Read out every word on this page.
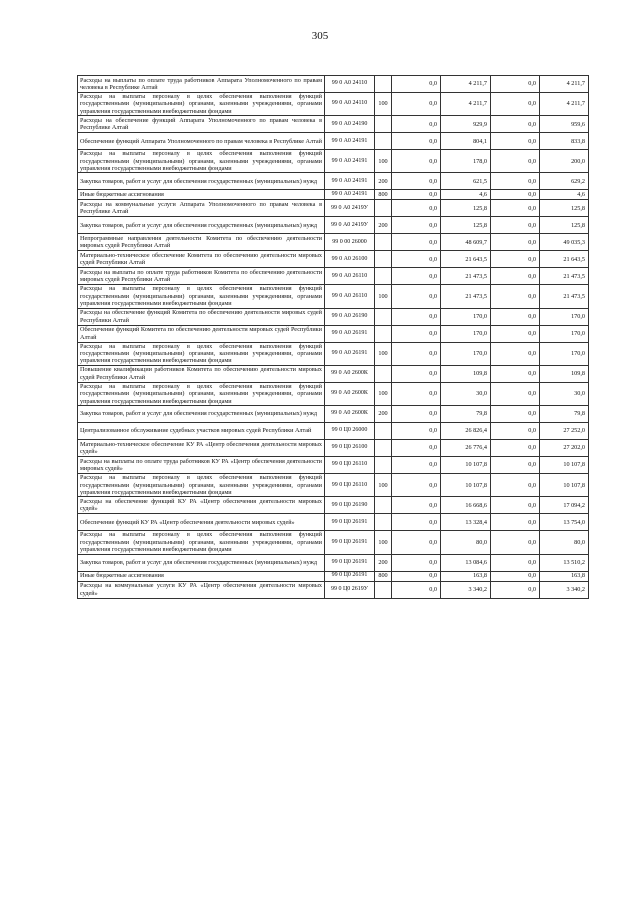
305
Расходы на выплаты по оплате труда работников Аппарата Уполномоченного по правам человека в Республике Алтай	99 0 А0 24110		0,0	4 211,7	0,0	4 211,7
Расходы на выплаты персоналу в целях обеспечения выполнения функций государственными (муниципальными) органами, казенными учреждениями, органами управления государственными внебюджетными фондами	99 0 А0 24110	100	0,0	4 211,7	0,0	4 211,7
Расходы на обеспечение функций Аппарата Уполномоченного по правам человека в Республике Алтай	99 0 А0 24190		0,0	929,9	0,0	959,6
Обеспечение функций Аппарата Уполномоченного по правам человека в Республике Алтай	99 0 А0 24191		0,0	804,1	0,0	833,8
Расходы на выплаты персоналу в целях обеспечения выполнения функций государственными (муниципальными) органами, казенными учреждениями, органами управления государственными внебюджетными фондами	99 0 А0 24191	100	0,0	178,0	0,0	200,0
Закупка товаров, работ и услуг для обеспечения государственных (муниципальных) нужд	99 0 А0 24191	200	0,0	621,5	0,0	629,2
Иные бюджетные ассигнования	99 0 А0 24191	800	0,0	4,6	0,0	4,6
Расходы на коммунальные услуги Аппарата Уполномоченного по правам человека в Республике Алтай	99 0 А0 2419У		0,0	125,8	0,0	125,8
Закупка товаров, работ и услуг для обеспечения государственных (муниципальных) нужд	99 0 А0 2419У	200	0,0	125,8	0,0	125,8
Непрограммные направления деятельности Комитета по обеспечению деятельности мировых судей Республики Алтай	99 0 00 26000		0,0	48 609,7	0,0	49 035,3
Материально-техническое обеспечение Комитета по обеспечению деятельности мировых судей Республики Алтай	99 0 А0 26100		0,0	21 643,5	0,0	21 643,5
Расходы на выплаты по оплате труда работников Комитета по обеспечению деятельности мировых судей Республики Алтай	99 0 А0 26110		0,0	21 473,5	0,0	21 473,5
Расходы на выплаты персоналу в целях обеспечения выполнения функций государственными (муниципальными) органами, казенными учреждениями, органами управления государственными внебюджетными фондами	99 0 А0 26110	100	0,0	21 473,5	0,0	21 473,5
Расходы на обеспечение функций Комитета по обеспечению деятельности мировых судей Республики Алтай	99 0 А0 26190		0,0	170,0	0,0	170,0
Обеспечение функций Комитета по обеспечению деятельности мировых судей Республики Алтай	99 0 А0 26191		0,0	170,0	0,0	170,0
Расходы на выплаты персоналу в целях обеспечения выполнения функций государственными (муниципальными) органами, казенными учреждениями, органами управления государственными внебюджетными фондами	99 0 А0 26191	100	0,0	170,0	0,0	170,0
Повышение квалификации работников Комитета по обеспечению деятельности мировых судей Республики Алтай	99 0 А0 2600К		0,0	109,8	0,0	109,8
Расходы на выплаты персоналу в целях обеспечения выполнения функций государственными (муниципальными) органами, казенными учреждениями, органами управления государственными внебюджетными фондами	99 0 А0 2600К	100	0,0	30,0	0,0	30,0
Закупка товаров, работ и услуг для обеспечения государственных (муниципальных) нужд	99 0 А0 2600К	200	0,0	79,8	0,0	79,8
Централизованное обслуживание судебных участков мировых судей Республики Алтай	99 0 Ц0 26000		0,0	26 826,4	0,0	27 252,0
Материально-техническое обеспечение КУ РА «Центр обеспечения деятельности мировых судей»	99 0 Ц0 26100		0,0	26 776,4	0,0	27 202,0
Расходы на выплаты по оплате труда работников КУ РА «Центр обеспечения деятельности мировых судей»	99 0 Ц0 26110		0,0	10 107,8	0,0	10 107,8
Расходы на выплаты персоналу в целях обеспечения выполнения функций государственными (муниципальными) органами, казенными учреждениями, органами управления государственными внебюджетными фондами	99 0 Ц0 26110	100	0,0	10 107,8	0,0	10 107,8
Расходы на обеспечение функций КУ РА «Центр обеспечения деятельности мировых судей»	99 0 Ц0 26190		0,0	16 668,6	0,0	17 094,2
Обеспечение функций КУ РА «Центр обеспечения деятельности мировых судей»	99 0 Ц0 26191		0,0	13 328,4	0,0	13 754,0
Расходы на выплаты персоналу в целях обеспечения выполнения функций государственными (муниципальными) органами, казенными учреждениями, органами управления государственными внебюджетными фондами	99 0 Ц0 26191	100	0,0	80,0	0,0	80,0
Закупка товаров, работ и услуг для обеспечения государственных (муниципальных) нужд	99 0 Ц0 26191	200	0,0	13 084,6	0,0	13 510,2
Иные бюджетные ассигнования	99 0 Ц0 26191	800	0,0	163,8	0,0	163,8
Расходы на коммунальные услуги КУ РА «Центр обеспечения деятельности мировых судей»	99 0 Ц0 2619У		0,0	3 340,2	0,0	3 340,2
